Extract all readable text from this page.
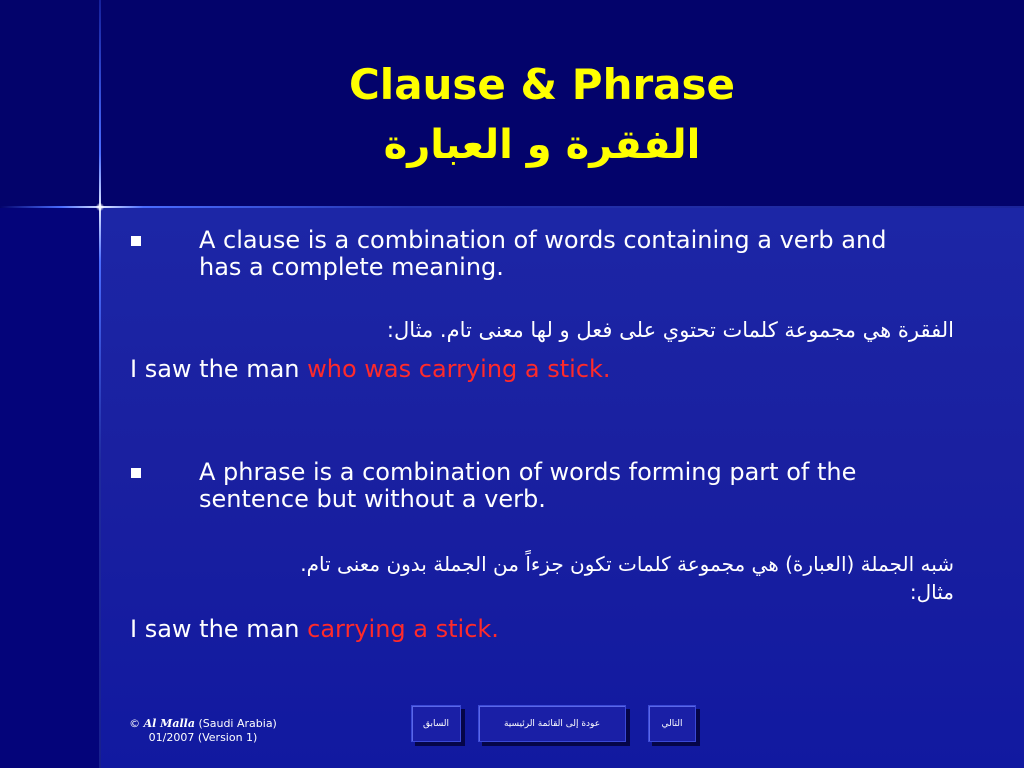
Clause & Phrase
الفقرة و العبارة
A clause is a combination of words containing a verb and
has a complete meaning.
الفقرة هي مجموعة كلمات تحتوي على فعل و لها معنى تام. مثال:
I saw the man who was carrying a stick.
A phrase is a combination of words forming part of the
sentence but without a verb.
شبه الجملة (العبارة) هي مجموعة كلمات تكون جزءاً من الجملة بدون معنى تام.
مثال:
I saw the man carrying a stick.
© Al Malla (Saudi Arabia)
01/2007 (Version 1)
السابق	عودة إلى القائمة الرئيسية	التالي
